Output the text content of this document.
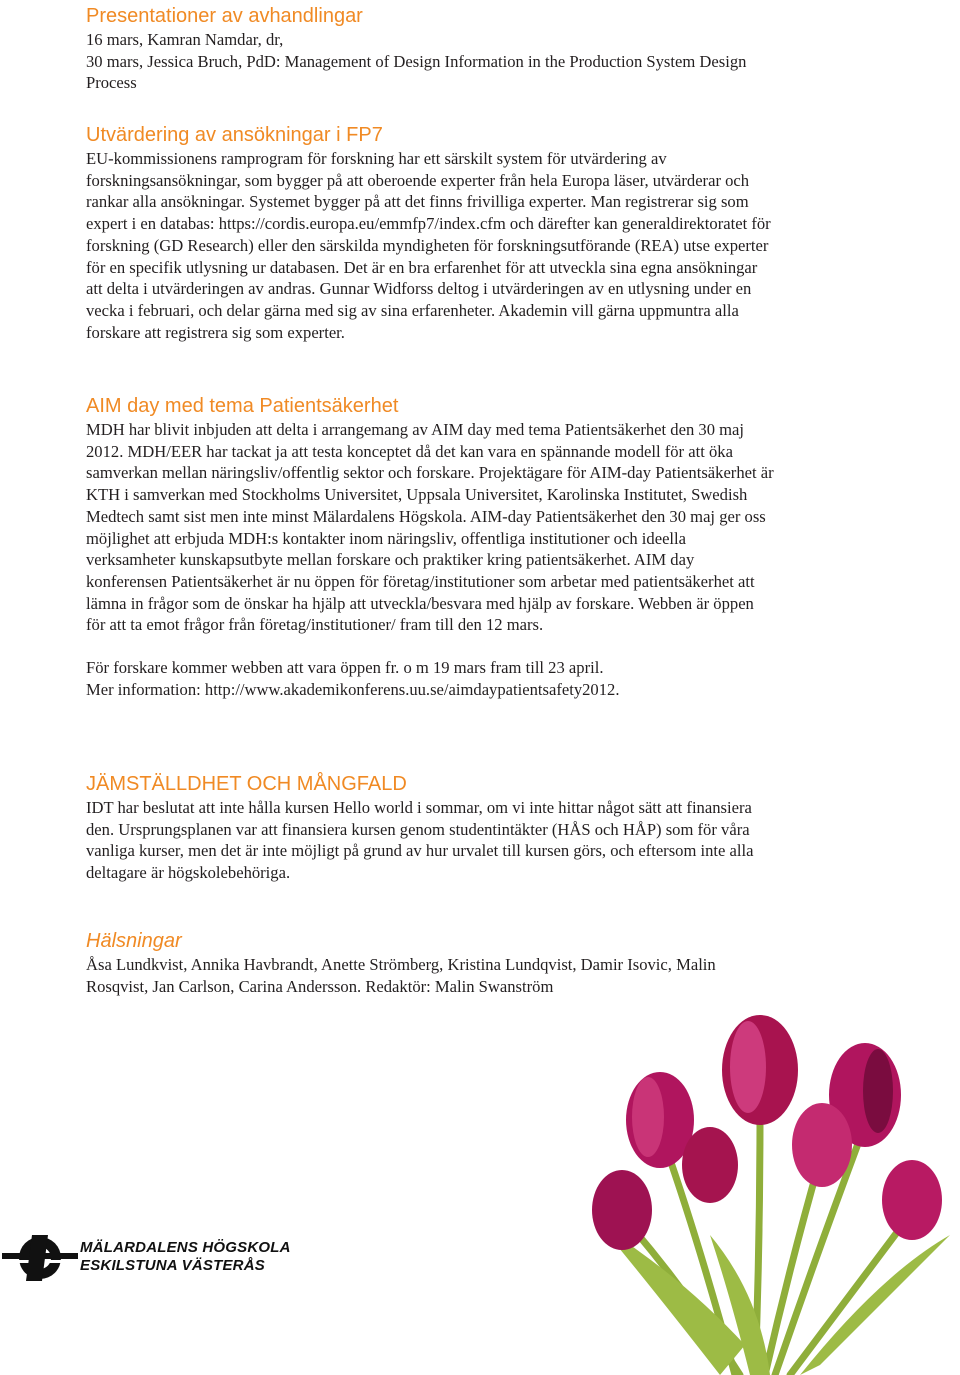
Presentationer av avhandlingar

16 mars, Kamran Namdar, dr,
30 mars, Jessica Bruch, PdD: Management of Design Information in the Production System Design Process

Utvärdering av ansökningar i FP7

EU-kommissionens ramprogram för forskning har ett särskilt system för utvärdering av forskningsansökningar, som bygger på att oberoende experter från hela Europa läser, utvärderar och rankar alla ansökningar. Systemet bygger på att det finns frivilliga experter. Man registrerar sig som expert i en databas: https://cordis.europa.eu/emmfp7/index.cfm och därefter kan generaldirektoratet för forskning (GD Research) eller den särskilda myndigheten för forskningsutförande (REA) utse experter för en specifik utlysning ur databasen. Det är en bra erfarenhet för att utveckla sina egna ansökningar att delta i utvärderingen av andras. Gunnar Widforss deltog i utvärderingen av en utlysning under en vecka i februari, och delar gärna med sig av sina erfarenheter. Akademin vill gärna uppmuntra alla forskare att registrera sig som experter.

AIM day med tema Patientsäkerhet

MDH har blivit inbjuden att delta i arrangemang av AIM day med tema Patientsäkerhet den 30 maj 2012. MDH/EER har tackat ja att testa konceptet då det kan vara en spännande modell för att öka samverkan mellan näringsliv/offentlig sektor och forskare. Projektägare för AIM-day Patientsäkerhet är KTH i samverkan med Stockholms Universitet, Uppsala Universitet, Karolinska Institutet, Swedish Medtech samt sist men inte minst Mälardalens Högskola. AIM-day Patientsäkerhet den 30 maj ger oss möjlighet att erbjuda MDH:s kontakter inom näringsliv, offentliga institutioner och ideella verksamheter kunskapsutbyte mellan forskare och praktiker kring patientsäkerhet. AIM day konferensen Patientsäkerhet är nu öppen för företag/institutioner som arbetar med patientsäkerhet att lämna in frågor som de önskar ha hjälp att utveckla/besvara med hjälp av forskare. Webben är öppen för att ta emot frågor från företag/institutioner/ fram till den 12 mars.

För forskare kommer webben att vara öppen fr. o m 19 mars fram till 23 april.
Mer information: http://www.akademikonferens.uu.se/aimdaypatientsafety2012.

JÄMSTÄLLDHET OCH MÅNGFALD

IDT har beslutat att inte hålla kursen Hello world i sommar, om vi inte hittar något sätt att finansiera den. Ursprungsplanen var att finansiera kursen genom studentintäkter (HÅS och HÅP) som för våra vanliga kurser, men det är inte möjligt på grund av hur urvalet till kursen görs, och eftersom inte alla deltagare är högskolebehöriga.

Hälsningar

Åsa Lundkvist, Annika Havbrandt, Anette Strömberg, Kristina Lundqvist, Damir Isovic, Malin Rosqvist, Jan Carlson, Carina Andersson. Redaktör: Malin Swanström

MÄLARDALENS HÖGSKOLA
ESKILSTUNA VÄSTERÅS
